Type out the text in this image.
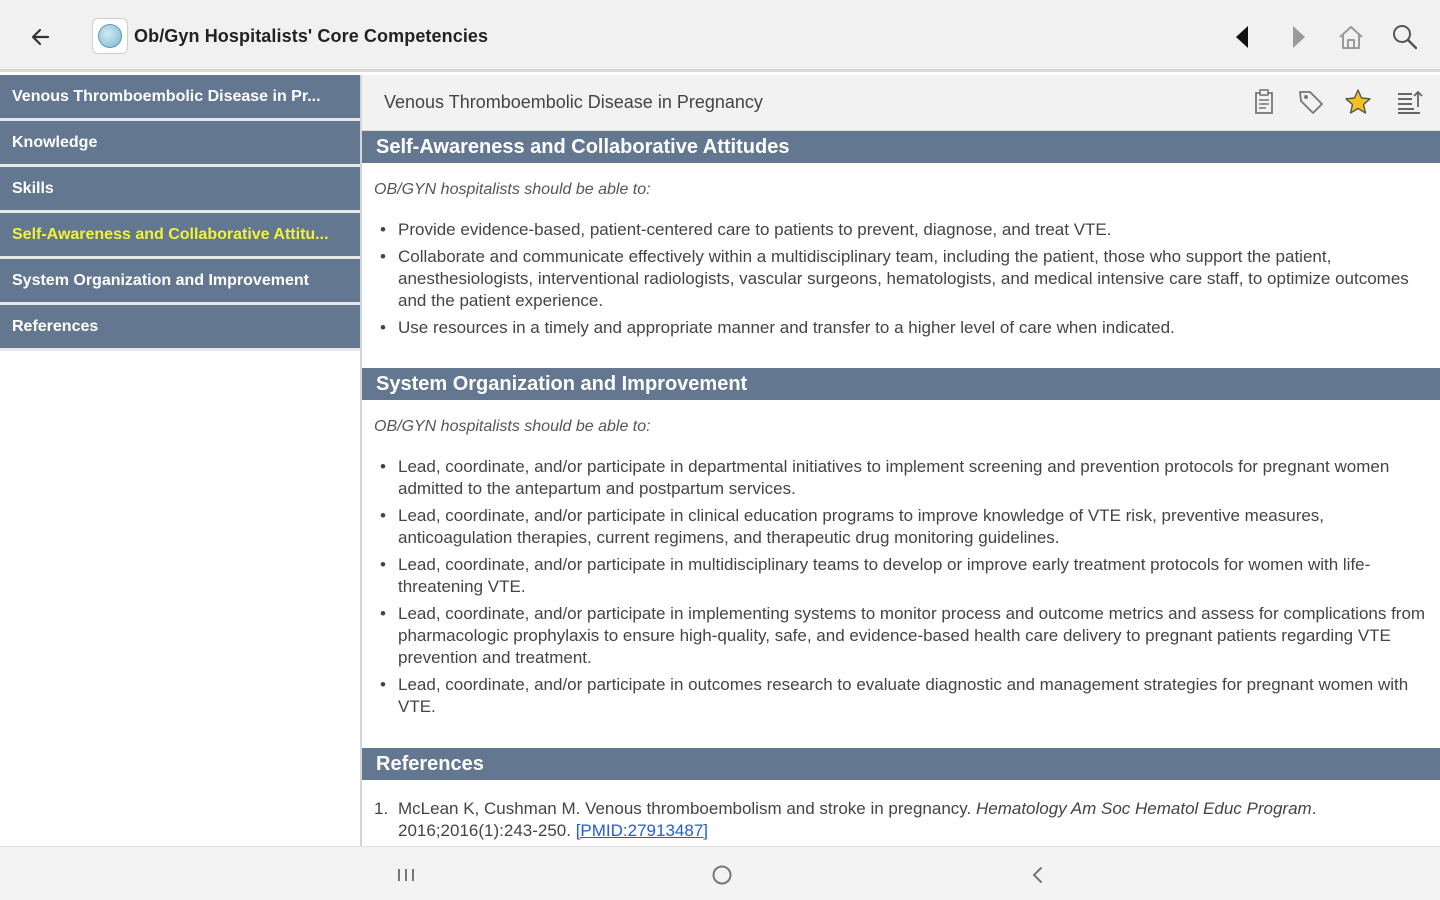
Ob/Gyn Hospitalists' Core Competencies
Venous Thromboembolic Disease in Pr...
Knowledge
Skills
Self-Awareness and Collaborative Attitu...
System Organization and Improvement
References
Venous Thromboembolic Disease in Pregnancy
Self-Awareness and Collaborative Attitudes

OB/GYN hospitalists should be able to:

• Provide evidence-based, patient-centered care to patients to prevent, diagnose, and treat VTE.
• Collaborate and communicate effectively within a multidisciplinary team, including the patient, those who support the patient, anesthesiologists, interventional radiologists, vascular surgeons, hematologists, and medical intensive care staff, to optimize outcomes and the patient experience.
• Use resources in a timely and appropriate manner and transfer to a higher level of care when indicated.
System Organization and Improvement

OB/GYN hospitalists should be able to:

• Lead, coordinate, and/or participate in departmental initiatives to implement screening and prevention protocols for pregnant women admitted to the antepartum and postpartum services.
• Lead, coordinate, and/or participate in clinical education programs to improve knowledge of VTE risk, preventive measures, anticoagulation therapies, current regimens, and therapeutic drug monitoring guidelines.
• Lead, coordinate, and/or participate in multidisciplinary teams to develop or improve early treatment protocols for women with life-threatening VTE.
• Lead, coordinate, and/or participate in implementing systems to monitor process and outcome metrics and assess for complications from pharmacologic prophylaxis to ensure high-quality, safe, and evidence-based health care delivery to pregnant patients regarding VTE prevention and treatment.
• Lead, coordinate, and/or participate in outcomes research to evaluate diagnostic and management strategies for pregnant women with VTE.
References
1. McLean K, Cushman M. Venous thromboembolism and stroke in pregnancy. Hematology Am Soc Hematol Educ Program. 2016;2016(1):243-250. [PMID:27913487]
